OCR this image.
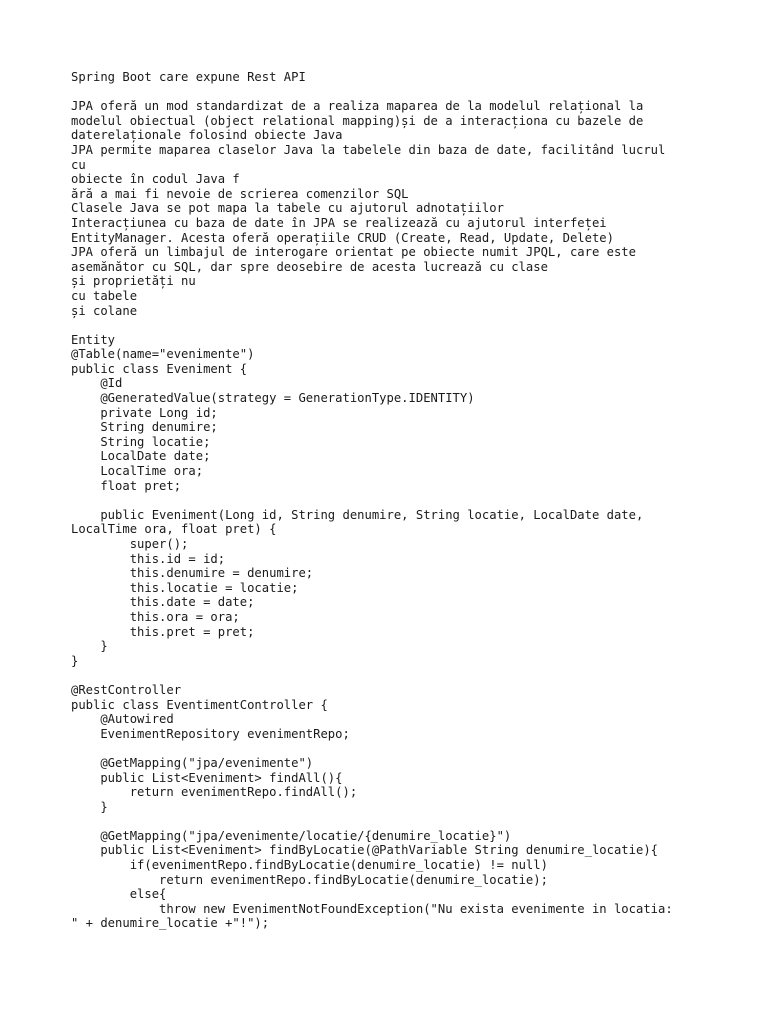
Spring Boot care expune Rest API
JPA oferă un mod standardizat de a realiza maparea de la modelul relațional la
modelul obiectual (object relational mapping)și de a interacționa cu bazele de
daterelaționale folosind obiecte Java
JPA permite maparea claselor Java la tabelele din baza de date, facilitând lucrul
cu
obiecte în codul Java f
ără a mai fi nevoie de scrierea comenzilor SQL
Clasele Java se pot mapa la tabele cu ajutorul adnotațiilor
Interacțiunea cu baza de date în JPA se realizează cu ajutorul interfeței
EntityManager. Acesta oferă operațiile CRUD (Create, Read, Update, Delete)
JPA oferă un limbajul de interogare orientat pe obiecte numit JPQL, care este
asemănător cu SQL, dar spre deosebire de acesta lucrează cu clase
și proprietăți nu
cu tabele
și colane
Entity
@Table(name="evenimente")
public class Eveniment {
@Id
@GeneratedValue(strategy = GenerationType.IDENTITY)
private Long id;
String denumire;
String locatie;
LocalDate date;
LocalTime ora;
float pret;
public Eveniment(Long id, String denumire, String locatie, LocalDate date,
LocalTime ora, float pret) {
super();
this.id = id;
this.denumire = denumire;
this.locatie = locatie;
this.date = date;
this.ora = ora;
this.pret = pret;
}
}
@RestController
public class EventimentController {
@Autowired
EvenimentRepository evenimentRepo;
@GetMapping("jpa/evenimente")
public List<Eveniment> findAll(){
return evenimentRepo.findAll();
}
@GetMapping("jpa/evenimente/locatie/{denumire_locatie}")
public List<Eveniment> findByLocatie(@PathVariable String denumire_locatie){
if(evenimentRepo.findByLocatie(denumire_locatie) != null)
return evenimentRepo.findByLocatie(denumire_locatie);
else{
throw new EvenimentNotFoundException("Nu exista evenimente in locatia:
" + denumire_locatie +"!");
